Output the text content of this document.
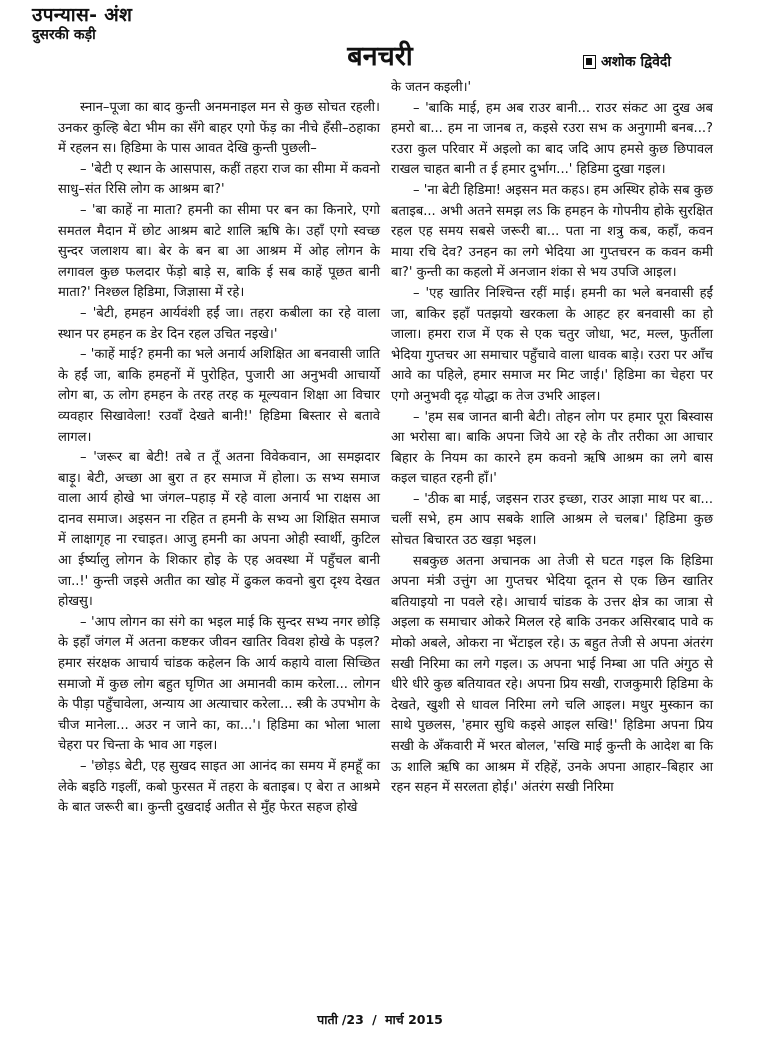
उपन्यास- अंश
दुसरकी कड़ी
बनचरी	अशोक द्विवेदी

स्नान–पूजा का बाद कुन्ती अनमनाइल मन से कुछ सोचत रहली। उनकर कुल्हि बेटा भीम का सँगे बाहर एगो फेंड़ का नीचे हँसी–ठहाका में रहलन स। हिडिमा के पास आवत देखि कुन्ती पुछली–

– 'बेटी ए स्थान के आसपास, कहीं तहरा राज का सीमा में कवनो साधु–संत रिसि लोग क आश्रम बा?'

– 'बा काहें ना माता? हमनी का सीमा पर बन का किनारे, एगो समतल मैदान में छोट आश्रम बाटे शालि ऋषि के। उहाँ एगो स्वच्छ सुन्दर जलाशय बा। बेर के बन बा आ आश्रम में ओह लोगन के लगावल कुछ फलदार फेंड़ो बाड़े स, बाकि ई सब काहें पूछत बानी माता?' निश्छल हिडिमा, जिज्ञासा में रहे।

– 'बेटी, हमहन आर्यवंशी हईं जा। तहरा कबीला का रहे वाला स्थान पर हमहन क डेर दिन रहल उचित नइखे।'

– 'काहें माई? हमनी का भले अनार्य अशिक्षित आ बनवासी जाति के हईं जा, बाकि हमहनों में पुरोहित, पुजारी आ अनुभवी आचार्यो लोग बा, ऊ लोग हमहन के तरह तरह क मूल्यवान शिक्षा आ विचार व्यवहार सिखावेला! रउवाँ देखते बानी!' हिडिमा बिस्तार से बतावे लागल।

– 'जरूर बा बेटी! तबे त तूँ अतना विवेकवान, आ समझदार बाड़ू। बेटी, अच्छा आ बुरा त हर समाज में होला। ऊ सभ्य समाज वाला आर्य होखे भा जंगल–पहाड़ में रहे वाला अनार्य भा राक्षस आ दानव समाज। अइसन ना रहित त हमनी के सभ्य आ शिक्षित समाज में लाक्षागृह ना रचाइत। आजु हमनी का अपना ओही स्वार्थी, कुटिल आ ईर्ष्यालु लोगन के शिकार होइ के एह अवस्था में पहुँचल बानी जा..!' कुन्ती जइसे अतीत का खोह में ढुकल कवनो बुरा दृश्य देखत होखसु।

– 'आप लोगन का संगे का भइल माई कि सुन्दर सभ्य नगर छोड़ि के इहाँ जंगल में अतना कष्टकर जीवन खातिर विवश होखे के पड़ल? हमार संरक्षक आचार्य चांडक कहेलन कि आर्य कहाये वाला सिच्छित समाजो में कुछ लोग बहुत घृणित आ अमानवी काम करेला... लोगन के पीड़ा पहुँचावेला, अन्याय आ अत्याचार करेला... स्त्री के उपभोग के चीज मानेला... अउर न जाने का, का...'। हिडिमा का भोला भाला चेहरा पर चिन्ता के भाव आ गइल।

– 'छोड़ऽ बेटी, एह सुखद साइत आ आनंद का समय में हमहूँ का लेके बइठि गइलीं, कबो फुरसत में तहरा के बताइब। ए बेरा त आश्रमे के बात जरूरी बा। कुन्ती दुखदाई अतीत से मुँह फेरत सहज होखे

के जतन कइली।'

– 'बाकि माई, हम अब राउर बानी... राउर संकट आ दुख अब हमरो बा... हम ना जानब त, कइसे रउरा सभ क अनुगामी बनब...? रउरा कुल परिवार में अइलो का बाद जदि आप हमसे कुछ छिपावल राखल चाहत बानी त ई हमार दुर्भाग...' हिडिमा दुखा गइल।

– 'ना बेटी हिडिमा! अइसन मत कहऽ। हम अस्थिर होके सब कुछ बताइब... अभी अतने समझ लऽ कि हमहन के गोपनीय होके सुरक्षित रहल एह समय सबसे जरूरी बा... पता ना शत्रु कब, कहाँ, कवन माया रचि देव? उनहन का लगे भेदिया आ गुप्तचरन क कवन कमी बा?' कुन्ती का कहलो में अनजान शंका से भय उपजि आइल।

– 'एह खातिर निश्चिन्त रहीं माई। हमनी का भले बनवासी हईं जा, बाकिर इहाँ पतझयो खरकला के आहट हर बनवासी का हो जाला। हमरा राज में एक से एक चतुर जोधा, भट, मल्ल, फुर्तीला भेदिया गुप्तचर आ समाचार पहुँचावे वाला धावक बाड़े। रउरा पर आँच आवे का पहिले, हमार समाज मर मिट जाई।' हिडिमा का चेहरा पर एगो अनुभवी दृढ़ योद्धा क तेज उभरि आइल।

– 'हम सब जानत बानी बेटी। तोहन लोग पर हमार पूरा बिस्वास आ भरोसा बा। बाकि अपना जिये आ रहे के तौर तरीका आ आचार बिहार के नियम का कारने हम कवनो ऋषि आश्रम का लगे बास कइल चाहत रहनी हाँ।'

– 'ठीक बा माई, जइसन राउर इच्छा, राउर आज्ञा माथ पर बा... चलीं सभे, हम आप सबके शालि आश्रम ले चलब।' हिडिमा कुछ सोचत बिचारत उठ खड़ा भइल।

सबकुछ अतना अचानक आ तेजी से घटत गइल कि हिडिमा अपना मंत्री उत्तुंग आ गुप्तचर भेदिया दूतन से एक छिन खातिर बतियाइयो ना पवले रहे। आचार्य चांडक के उत्तर क्षेत्र का जात्रा से अइला क समाचार ओकरे मिलल रहे बाकि उनकर असिरबाद पावे क मोको अबले, ओकरा ना भेंटाइल रहे। ऊ बहुत तेजी से अपना अंतरंग सखी निरिमा का लगे गइल। ऊ अपना भाई निम्बा आ पति अंगुठ से धीरे धीरे कुछ बतियावत रहे। अपना प्रिय सखी, राजकुमारी हिडिमा के देखते, खुशी से धावल निरिमा लगे चलि आइल। मधुर मुस्कान का साथे पुछलस, 'हमार सुधि कइसे आइल सखि!' हिडिमा अपना प्रिय सखी के अँकवारी में भरत बोलल, 'सखि माई कुन्ती के आदेश बा कि ऊ शालि ऋषि का आश्रम में रहिहें, उनके अपना आहार–बिहार आ रहन सहन में सरलता होई।' अंतरंग सखी निरिमा

पाती /23 / मार्च 2015
